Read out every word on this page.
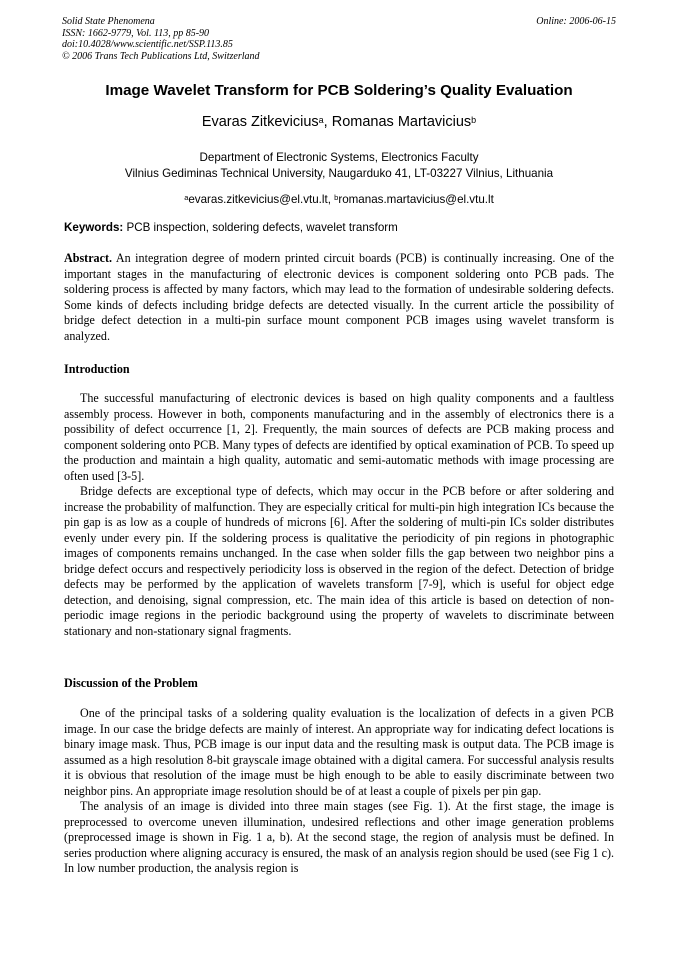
Solid State Phenomena
ISSN: 1662-9779, Vol. 113, pp 85-90
doi:10.4028/www.scientific.net/SSP.113.85
© 2006 Trans Tech Publications Ltd, Switzerland
Online: 2006-06-15
Image Wavelet Transform for PCB Soldering’s Quality Evaluation
Evaras Zitkevicius$^a$, Romanas Martavicius$^b$
Department of Electronic Systems, Electronics Faculty
Vilnius Gediminas Technical University, Naugarduko 41, LT-03227 Vilnius, Lithuania
$^a$evaras.zitkevicius@el.vtu.lt, $^b$romanas.martavicius@el.vtu.lt
Keywords: PCB inspection, soldering defects, wavelet transform

Abstract. An integration degree of modern printed circuit boards (PCB) is continually increasing. One of the important stages in the manufacturing of electronic devices is component soldering onto PCB pads. The soldering process is affected by many factors, which may lead to the formation of undesirable soldering defects. Some kinds of defects including bridge defects are detected visually. In the current article the possibility of bridge defect detection in a multi-pin surface mount component PCB images using wavelet transform is analyzed.

Introduction

The successful manufacturing of electronic devices is based on high quality components and a faultless assembly process. However in both, components manufacturing and in the assembly of electronics there is a possibility of defect occurrence [1, 2]. Frequently, the main sources of defects are PCB making process and component soldering onto PCB. Many types of defects are identified by optical examination of PCB. To speed up the production and maintain a high quality, automatic and semi-automatic methods with image processing are often used [3-5].

Bridge defects are exceptional type of defects, which may occur in the PCB before or after soldering and increase the probability of malfunction. They are especially critical for multi-pin high integration ICs because the pin gap is as low as a couple of hundreds of microns [6]. After the soldering of multi-pin ICs solder distributes evenly under every pin. If the soldering process is qualitative the periodicity of pin regions in photographic images of components remains unchanged. In the case when solder fills the gap between two neighbor pins a bridge defect occurs and respectively periodicity loss is observed in the region of the defect. Detection of bridge defects may be performed by the application of wavelets transform [7-9], which is useful for object edge detection, and denoising, signal compression, etc. The main idea of this article is based on detection of non-periodic image regions in the periodic background using the property of wavelets to discriminate between stationary and non-stationary signal fragments.

Discussion of the Problem

One of the principal tasks of a soldering quality evaluation is the localization of defects in a given PCB image. In our case the bridge defects are mainly of interest. An appropriate way for indicating defect locations is binary image mask. Thus, PCB image is our input data and the resulting mask is output data. The PCB image is assumed as a high resolution 8-bit grayscale image obtained with a digital camera. For successful analysis results it is obvious that resolution of the image must be high enough to be able to easily discriminate between two neighbor pins. An appropriate image resolution should be of at least a couple of pixels per pin gap.

The analysis of an image is divided into three main stages (see Fig. 1). At the first stage, the image is preprocessed to overcome uneven illumination, undesired reflections and other image generation problems (preprocessed image is shown in Fig. 1 a, b). At the second stage, the region of analysis must be defined. In series production where aligning accuracy is ensured, the mask of an analysis region should be used (see Fig 1 c). In low number production, the analysis region is
